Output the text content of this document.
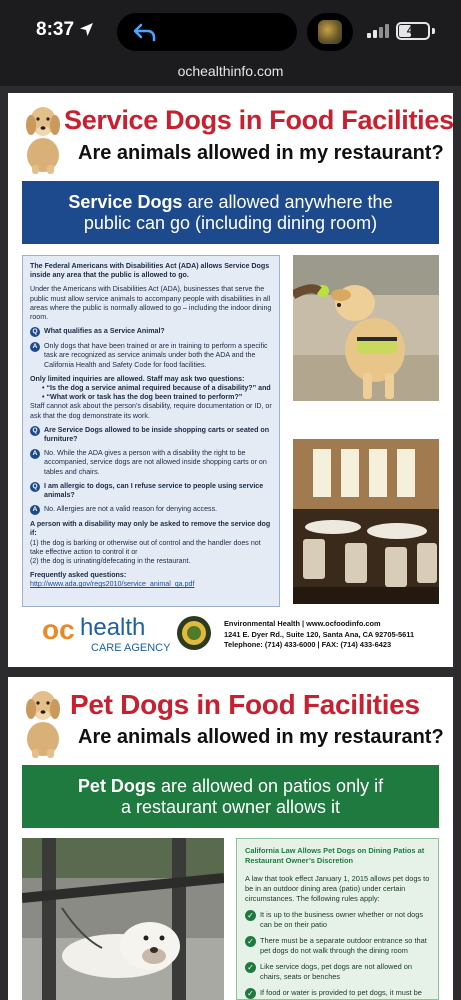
8:37	44
ochealthinfo.com
Service Dogs in Food Facilities
Are animals allowed in my restaurant?
Service Dogs are allowed anywhere the
public can go (including dining room)

The Federal Americans with Disabilities Act (ADA) allows Service Dogs inside any area that the public is allowed to go.

Under the Americans with Disabilities Act (ADA), businesses that serve the public must allow service animals to accompany people with disabilities in all areas where the public is normally allowed to go – including the indoor dining room.

Q What qualifies as a Service Animal?
A Only dogs that have been trained or are in training to perform a specific task are recognized as service animals under both the ADA and the California Health and Safety Code for food facilities.
Only limited inquiries are allowed. Staff may ask two questions:
• “Is the dog a service animal required because of a disability?” and
• “What work or task has the dog been trained to perform?”

Staff cannot ask about the person’s disability, require documentation or ID, or ask that the dog demonstrate its work.

Q Are Service Dogs allowed to be inside shopping carts or seated on furniture?
A No. While the ADA gives a person with a disability the right to be accompanied, service dogs are not allowed inside shopping carts or on tables and chairs.
Q I am allergic to dogs, can I refuse service to people using service animals?
A No. Allergies are not a valid reason for denying access.
A person with a disability may only be asked to remove the service dog if:
(1) the dog is barking or otherwise out of control and the handler does not take effective action to control it or

(2) the dog is urinating/defecating in the restaurant.

Frequently asked questions:
http://www.ada.gov/regs2010/service_animal_qa.pdf
oc health
CARE AGENCY
Environmental Health | www.ocfoodinfo.com
1241 E. Dyer Rd., Suite 120, Santa Ana, CA 92705-5611
Telephone: (714) 433-6000 | FAX: (714) 433-6423
Pet Dogs in Food Facilities
Are animals allowed in my restaurant?
Pet Dogs are allowed on patios only if
a restaurant owner allows it
California Law Allows Pet Dogs on Dining Patios at Restaurant Owner’s Discretion
A law that took effect January 1, 2015 allows pet dogs to be in an outdoor dining area (patio) under certain circumstances. The following rules apply:
✓ It is up to the business owner whether or not dogs can be on their patio
✓ There must be a separate outdoor entrance so that pet dogs do not walk through the dining room
✓ Like service dogs, pet dogs are not allowed on chairs, seats or benches
✓ If food or water is provided to pet dogs, it must be
